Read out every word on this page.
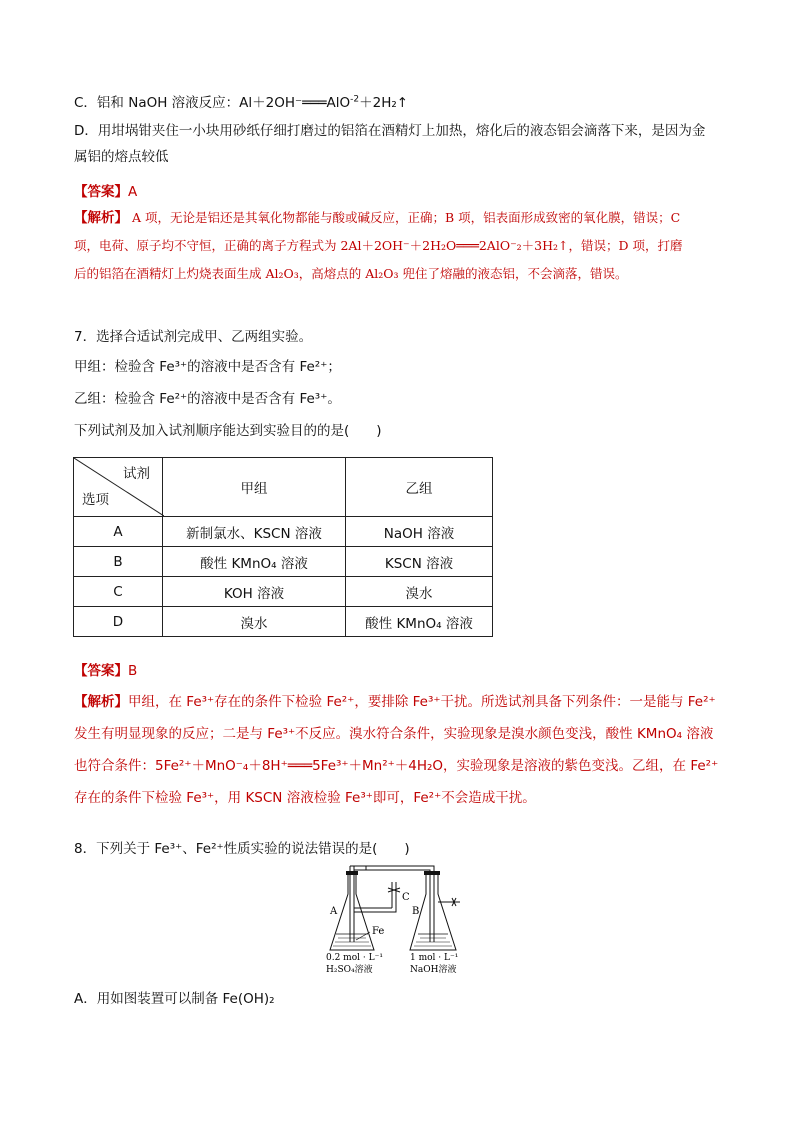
C．铝和 NaOH 溶液反应：Al＋2OH⁻═══AlO$^{-2}$＋2H₂↑
D．用坩埚钳夹住一小块用砂纸仔细打磨过的铝箔在酒精灯上加热，熔化后的液态铝会滴落下来，是因为金
属铝的熔点较低
【答案】A
【解析】 A 项，无论是铝还是其氧化物都能与酸或碱反应，正确；B 项，铝表面形成致密的氧化膜，错误；C
项，电荷、原子均不守恒，正确的离子方程式为 2Al＋2OH⁻＋2H₂O═══2AlO⁻₂＋3H₂↑，错误；D 项，打磨
后的铝箔在酒精灯上灼烧表面生成 Al₂O₃，高熔点的 Al₂O₃ 兜住了熔融的液态铝，不会滴落，错误。
7．选择合适试剂完成甲、乙两组实验。
甲组：检验含 Fe³⁺的溶液中是否含有 Fe²⁺；
乙组：检验含 Fe²⁺的溶液中是否含有 Fe³⁺。
下列试剂及加入试剂顺序能达到实验目的的是(　　)
试剂
选项	甲组	乙组
A	新制氯水、KSCN 溶液	NaOH 溶液
B	酸性 KMnO₄ 溶液	KSCN 溶液
C	KOH 溶液	溴水
D	溴水	酸性 KMnO₄ 溶液
【答案】B
【解析】甲组，在 Fe³⁺存在的条件下检验 Fe²⁺，要排除 Fe³⁺干扰。所选试剂具备下列条件：一是能与 Fe²⁺
发生有明显现象的反应；二是与 Fe³⁺不反应。溴水符合条件，实验现象是溴水颜色变浅，酸性 KMnO₄ 溶液
也符合条件：5Fe²⁺＋MnO⁻₄＋8H⁺═══5Fe³⁺＋Mn²⁺＋4H₂O，实验现象是溶液的紫色变浅。乙组，在 Fe²⁺
存在的条件下检验 Fe³⁺，用 KSCN 溶液检验 Fe³⁺即可，Fe²⁺不会造成干扰。
8．下列关于 Fe³⁺、Fe²⁺性质实验的说法错误的是(　　)
A	B
C
Fe
0.2 mol · L⁻¹
H₂SO₄溶液
1 mol · L⁻¹
NaOH溶液
A．用如图装置可以制备 Fe(OH)₂
